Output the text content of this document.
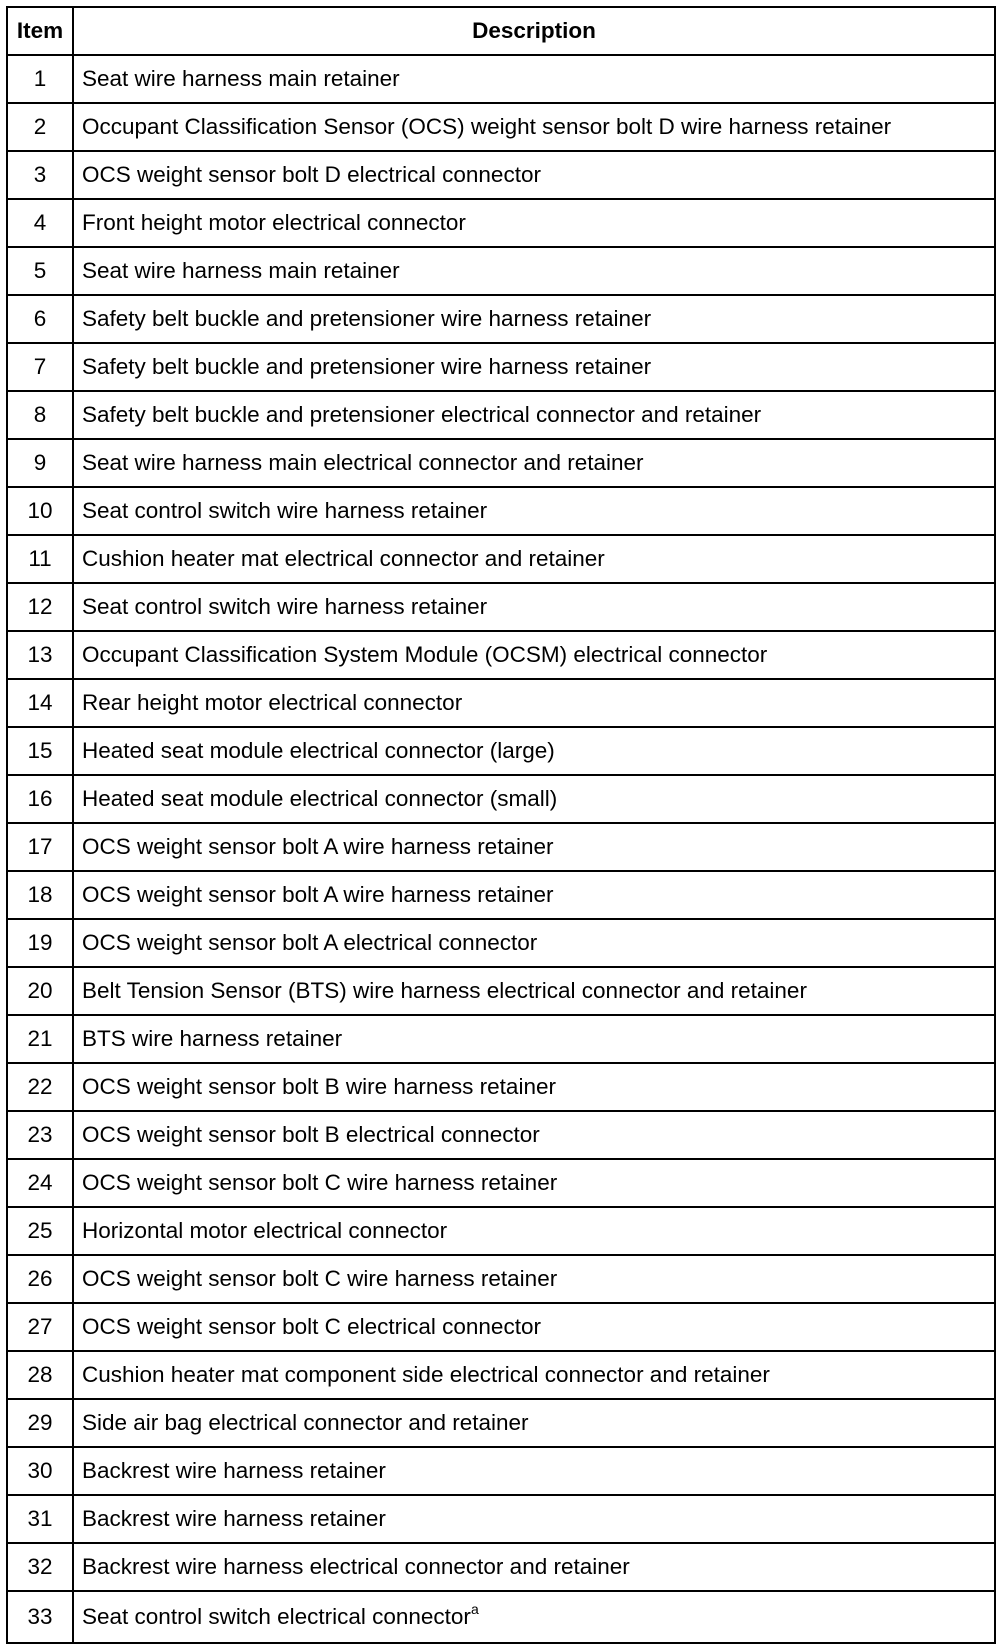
Item	Description
1	Seat wire harness main retainer
2	Occupant Classification Sensor (OCS) weight sensor bolt D wire harness retainer
3	OCS weight sensor bolt D electrical connector
4	Front height motor electrical connector
5	Seat wire harness main retainer
6	Safety belt buckle and pretensioner wire harness retainer
7	Safety belt buckle and pretensioner wire harness retainer
8	Safety belt buckle and pretensioner electrical connector and retainer
9	Seat wire harness main electrical connector and retainer
10	Seat control switch wire harness retainer
11	Cushion heater mat electrical connector and retainer
12	Seat control switch wire harness retainer
13	Occupant Classification System Module (OCSM) electrical connector
14	Rear height motor electrical connector
15	Heated seat module electrical connector (large)
16	Heated seat module electrical connector (small)
17	OCS weight sensor bolt A wire harness retainer
18	OCS weight sensor bolt A wire harness retainer
19	OCS weight sensor bolt A electrical connector
20	Belt Tension Sensor (BTS) wire harness electrical connector and retainer
21	BTS wire harness retainer
22	OCS weight sensor bolt B wire harness retainer
23	OCS weight sensor bolt B electrical connector
24	OCS weight sensor bolt C wire harness retainer
25	Horizontal motor electrical connector
26	OCS weight sensor bolt C wire harness retainer
27	OCS weight sensor bolt C electrical connector
28	Cushion heater mat component side electrical connector and retainer
29	Side air bag electrical connector and retainer
30	Backrest wire harness retainer
31	Backrest wire harness retainer
32	Backrest wire harness electrical connector and retainer
33	Seat control switch electrical connector$^a$
